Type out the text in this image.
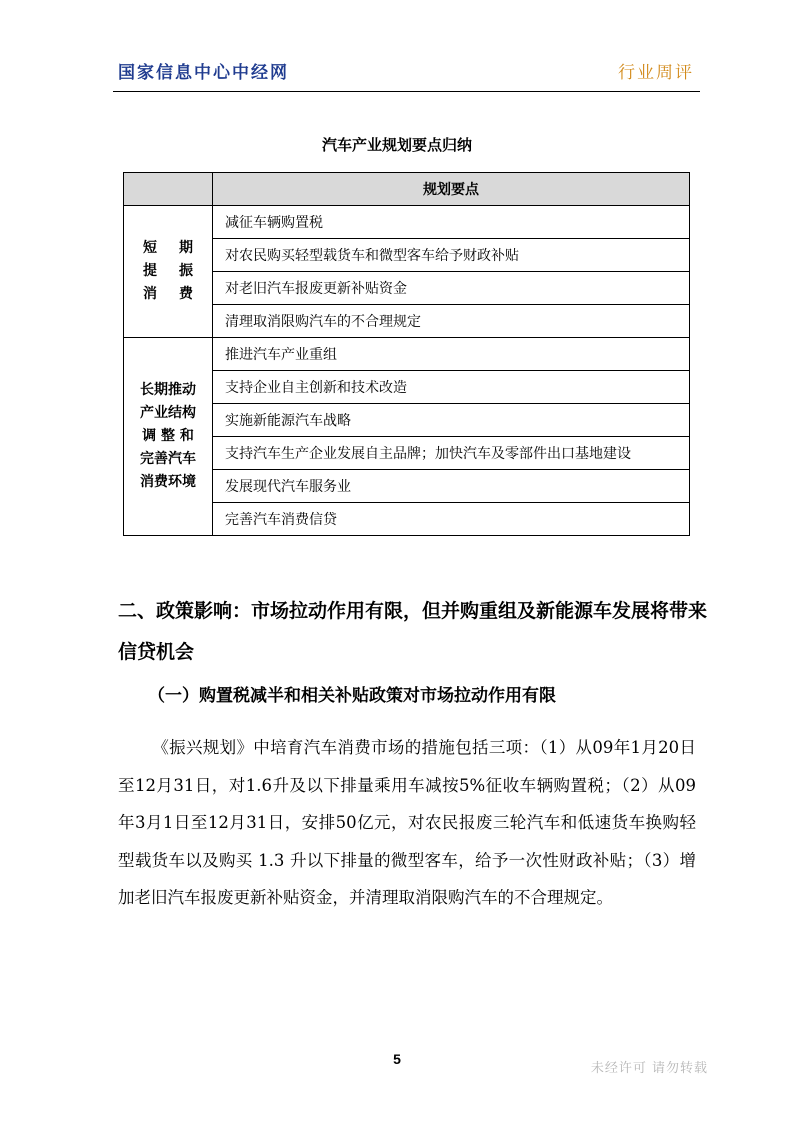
国家信息中心中经网	行业周评
汽车产业规划要点归纳
	规划要点

短 期
提 振
消 费	减征车辆购置税
	对农民购买轻型载货车和微型客车给予财政补贴
	对老旧汽车报废更新补贴资金
	清理取消限购汽车的不合理规定

长期推动
产业结构
调 整 和
完善汽车
消费环境	推进汽车产业重组
	支持企业自主创新和技术改造
	实施新能源汽车战略
	支持汽车生产企业发展自主品牌；加快汽车及零部件出口基地建设
	发展现代汽车服务业
	完善汽车消费信贷
二、政策影响：市场拉动作用有限，但并购重组及新能源车发展将带来信贷机会
（一）购置税减半和相关补贴政策对市场拉动作用有限
《振兴规划》中培育汽车消费市场的措施包括三项：（1）从09年1月20日至12月31日，对1.6升及以下排量乘用车减按5%征收车辆购置税；（2）从09年3月1日至12月31日，安排50亿元，对农民报废三轮汽车和低速货车换购轻型载货车以及购买 1.3 升以下排量的微型客车，给予一次性财政补贴；（3）增加老旧汽车报废更新补贴资金，并清理取消限购汽车的不合理规定。
5
未经许可 请勿转载
